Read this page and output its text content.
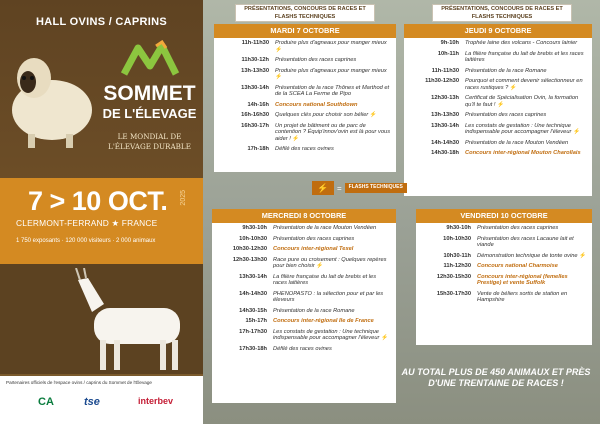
HALL OVINS / CAPRINS
SOMMET
DE L'ÉLEVAGE
LE MONDIAL DE L'ÉLEVAGE DURABLE
7 > 10 OCT. 2025
CLERMONT-FERRAND ★ FRANCE
1 750 exposants · 120 000 visiteurs · 2 000 animaux
Partenaires officiels de l'espace ovins / caprins du Sommet de l'Élevage
CA	tse	interbev
PRÉSENTATIONS, CONCOURS DE RACES ET FLASHS TECHNIQUES
PRÉSENTATIONS, CONCOURS DE RACES ET FLASHS TECHNIQUES
MARDI 7 OCTOBRE
11h-11h30	Produire plus d'agneaux pour manger mieux ⚡
11h30-12h	Présentation des races caprines
13h-13h30	Produire plus d'agneaux pour manger mieux ⚡
13h30-14h	Présentation de la race Thônes et Marthod et de la SCEA La Ferme de Pipo
14h-16h	Concours national Southdown
16h-16h30	Quelques clés pour choisir son bélier ⚡
16h30-17h	Un projet de bâtiment ou de parc de contention ? Équip'innov'ovin est là pour vous aider ! ⚡
17h-18h	Défilé des races ovines
JEUDI 9 OCTOBRE
9h-10h	Trophée laine des volcans - Concours lainier
10h-11h	La filière française du lait de brebis et les races laitières
11h-11h30	Présentation de la race Romane
11h30-12h30	Pourquoi et comment devenir sélectionneur en races rustiques ? ⚡
12h30-13h	Certificat de Spécialisation Ovin, la formation qu'il te faut ! ⚡
13h-13h30	Présentation des races caprines
13h30-14h	Les constats de gestation : Une technique indispensable pour accompagner l'éleveur ⚡
14h-14h30	Présentation de la race Mouton Vendéen
14h30-18h	Concours inter-régional Mouton Charollais
⚡	=	FLASHS TECHNIQUES
MERCREDI 8 OCTOBRE
9h30-10h	Présentation de la race Mouton Vendéen
10h-10h30	Présentation des races caprines
10h30-12h30	Concours inter-régional Texel
12h30-13h30	Race pure ou croisement : Quelques repères pour bien choisir ⚡
13h30-14h	La filière française du lait de brebis et les races laitières
14h-14h30	PHENOPASTO : la sélection pour et par les éleveurs
14h30-15h	Présentation de la race Romane
15h-17h	Concours inter-régional Ile de France
17h-17h30	Les constats de gestation : Une technique indispensable pour accompagner l'éleveur ⚡
17h30-18h	Défilé des races ovines
VENDREDI 10 OCTOBRE
9h30-10h	Présentation des races caprines
10h-10h30	Présentation des races Lacaune lait et viande
10h30-11h	Démonstration technique de tonte ovine ⚡
11h-12h30	Concours national Charmoise
12h30-15h30	Concours inter-régional (femelles Prestige) et vente Suffolk
15h30-17h30	Vente de béliers sortis de station en Hampshire
AU TOTAL PLUS DE 450 ANIMAUX ET PRÈS D'UNE TRENTAINE DE RACES !
